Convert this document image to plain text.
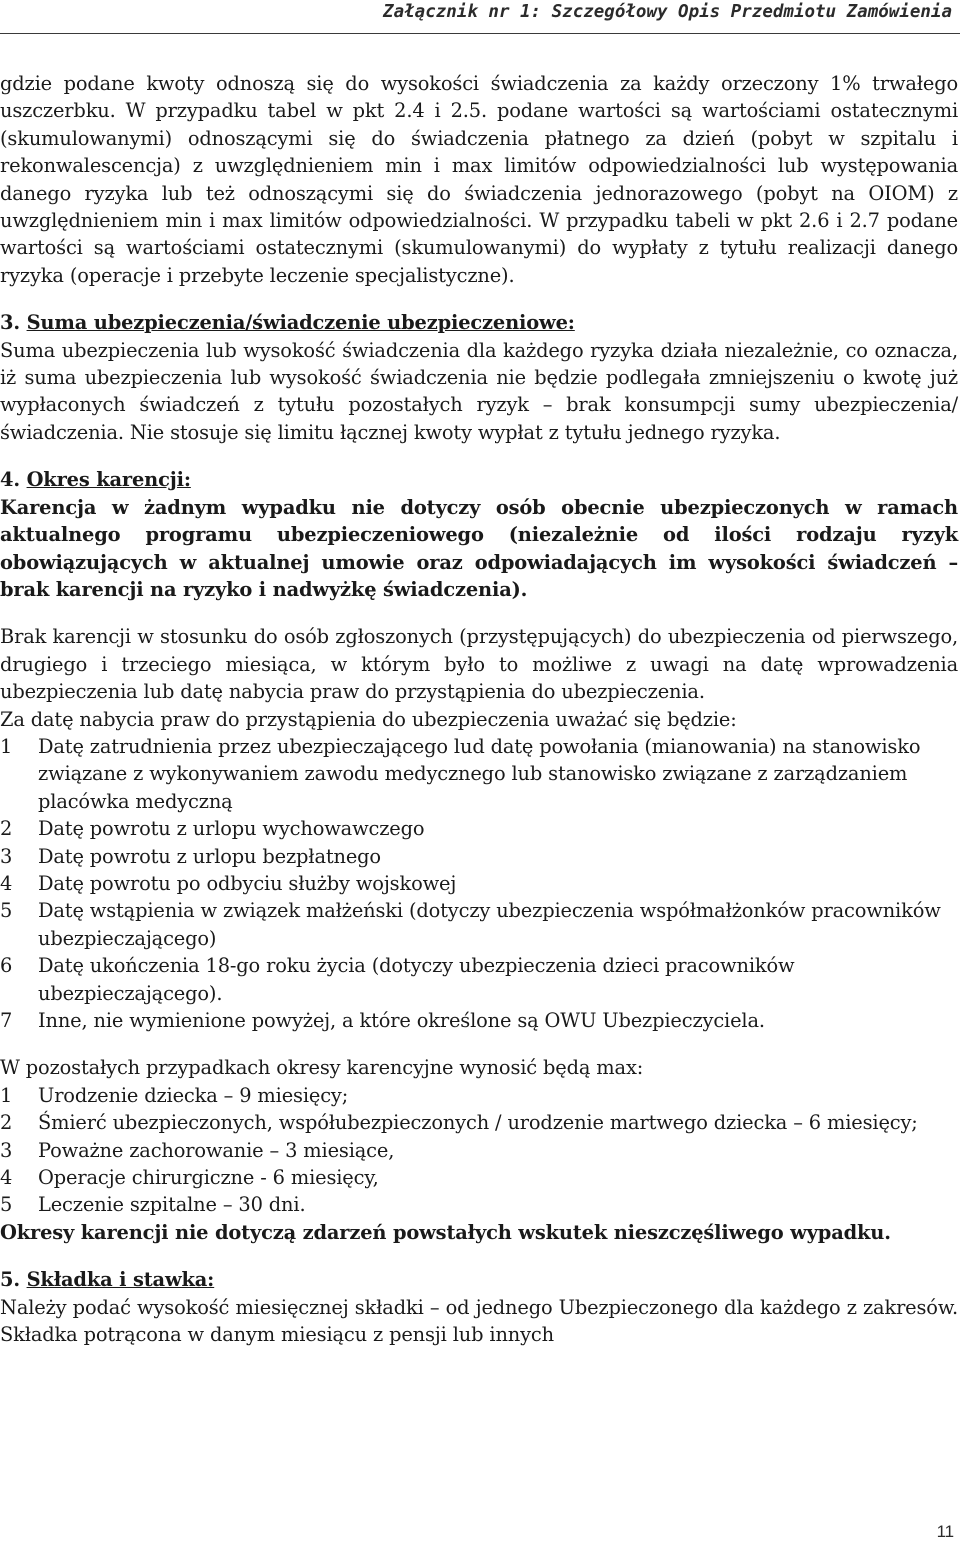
Załącznik nr 1: Szczegółowy Opis Przedmiotu Zamówienia

gdzie podane kwoty odnoszą się do wysokości świadczenia za każdy orzeczony 1% trwałego uszczerbku. W przypadku tabel w pkt 2.4 i 2.5. podane wartości są wartościami ostatecznymi (skumulowanymi) odnoszącymi się do świadczenia płatnego za dzień (pobyt w szpitalu i rekonwalescencja) z uwzględnieniem min i max limitów odpowiedzialności lub występowania danego ryzyka lub też odnoszącymi się do świadczenia jednorazowego (pobyt na OIOM) z uwzględnieniem min i max limitów odpowiedzialności. W przypadku tabeli w pkt 2.6 i 2.7 podane wartości są wartościami ostatecznymi (skumulowanymi) do wypłaty z tytułu realizacji danego ryzyka (operacje i przebyte leczenie specjalistyczne).

3. Suma ubezpieczenia/świadczenie ubezpieczeniowe:

Suma ubezpieczenia lub wysokość świadczenia dla każdego ryzyka działa niezależnie, co oznacza, iż suma ubezpieczenia lub wysokość świadczenia nie będzie podlegała zmniejszeniu o kwotę już wypłaconych świadczeń z tytułu pozostałych ryzyk – brak konsumpcji sumy ubezpieczenia/świadczenia. Nie stosuje się limitu łącznej kwoty wypłat z tytułu jednego ryzyka.

4. Okres karencji:

Karencja w żadnym wypadku nie dotyczy osób obecnie ubezpieczonych w ramach aktualnego programu ubezpieczeniowego (niezależnie od ilości rodzaju ryzyk obowiązujących w aktualnej umowie oraz odpowiadających im wysokości świadczeń – brak karencji na ryzyko i nadwyżkę świadczenia).

Brak karencji w stosunku do osób zgłoszonych (przystępujących) do ubezpieczenia od pierwszego, drugiego i trzeciego miesiąca, w którym było to możliwe z uwagi na datę wprowadzenia ubezpieczenia lub datę nabycia praw do przystąpienia do ubezpieczenia.

Za datę nabycia praw do przystąpienia do ubezpieczenia uważać się będzie:

1 Datę zatrudnienia przez ubezpieczającego lud datę powołania (mianowania) na stanowisko związane z wykonywaniem zawodu medycznego lub stanowisko związane z zarządzaniem placówka medyczną
2 Datę powrotu z urlopu wychowawczego
3 Datę powrotu z urlopu bezpłatnego
4 Datę powrotu po odbyciu służby wojskowej
5 Datę wstąpienia w związek małżeński (dotyczy ubezpieczenia współmałżonków pracowników ubezpieczającego)
6 Datę ukończenia 18-go roku życia (dotyczy ubezpieczenia dzieci pracowników ubezpieczającego).
7 Inne, nie wymienione powyżej, a które określone są OWU Ubezpieczyciela.

W pozostałych przypadkach okresy karencyjne wynosić będą max:

1 Urodzenie dziecka – 9 miesięcy;
2 Śmierć ubezpieczonych, współubezpieczonych / urodzenie martwego dziecka – 6 miesięcy;
3 Poważne zachorowanie – 3 miesiące,
4 Operacje chirurgiczne - 6 miesięcy,
5 Leczenie szpitalne – 30 dni.

Okresy karencji nie dotyczą zdarzeń powstałych wskutek nieszczęśliwego wypadku.

5. Składka i stawka:

Należy podać wysokość miesięcznej składki – od jednego Ubezpieczonego dla każdego z zakresów. Składka potrącona w danym miesiącu z pensji lub innych

11
